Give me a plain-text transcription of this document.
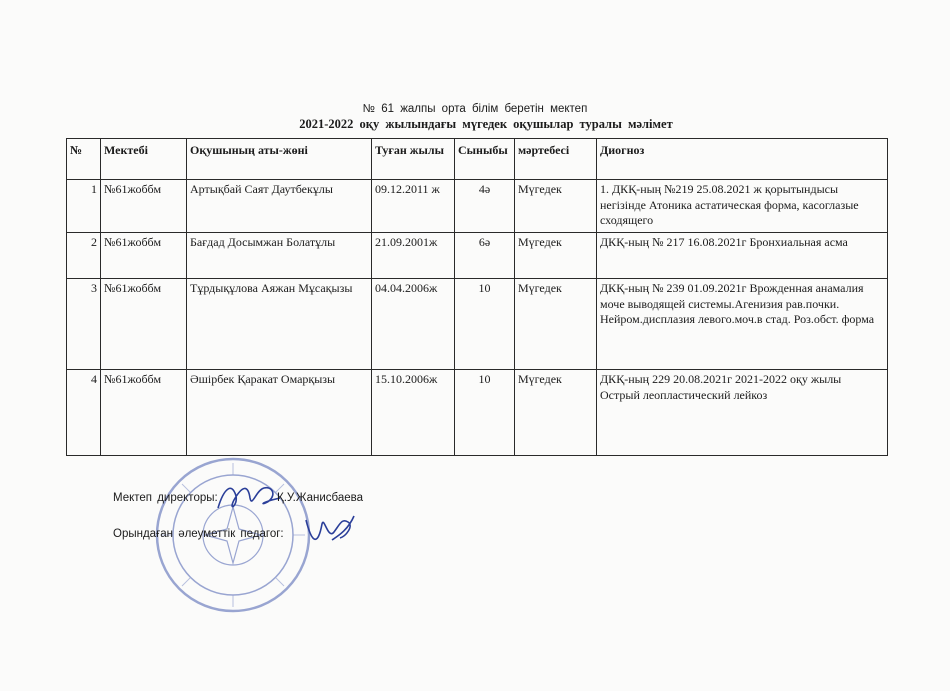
№ 61 жалпы орта білім беретін мектеп
2021-2022 оқу жылындағы мүгедек оқушылар туралы мәлімет
№	Мектебі	Оқушының аты-жөні	Туған жылы	Сыныбы	мәртебесі	Диогноз
1	№61жоббм	Артықбай Саят Даутбекұлы	09.12.2011 ж	4ә	Мүгедек	1. ДКҚ-ның №219 25.08.2021 ж қорытындысы негізінде Атоника астатическая форма, касоглазые сходящего
2	№61жоббм	Бағдад Досымжан Болатұлы	21.09.2001ж	6ә	Мүгедек	ДКҚ-ның № 217 16.08.2021г Бронхиальная асма
3	№61жоббм	Тұрдықұлова Аяжан Мұсақызы	04.04.2006ж	10	Мүгедек	ДКҚ-ның № 239 01.09.2021г Врожденная анамалия моче выводящей системы.Агенизия рав.почки. Нейром.дисплазия левого.моч.в стад. Роз.обст. форма
4	№61жоббм	Әшірбек Қаракат Омарқызы	15.10.2006ж	10	Мүгедек	ДКҚ-ның 229 20.08.2021г 2021-2022 оқу жылы Острый леопластический лейкоз
Мектеп директоры:	Қ.У.Жанисбаева
Орындаған әлеуметтік педагог:
